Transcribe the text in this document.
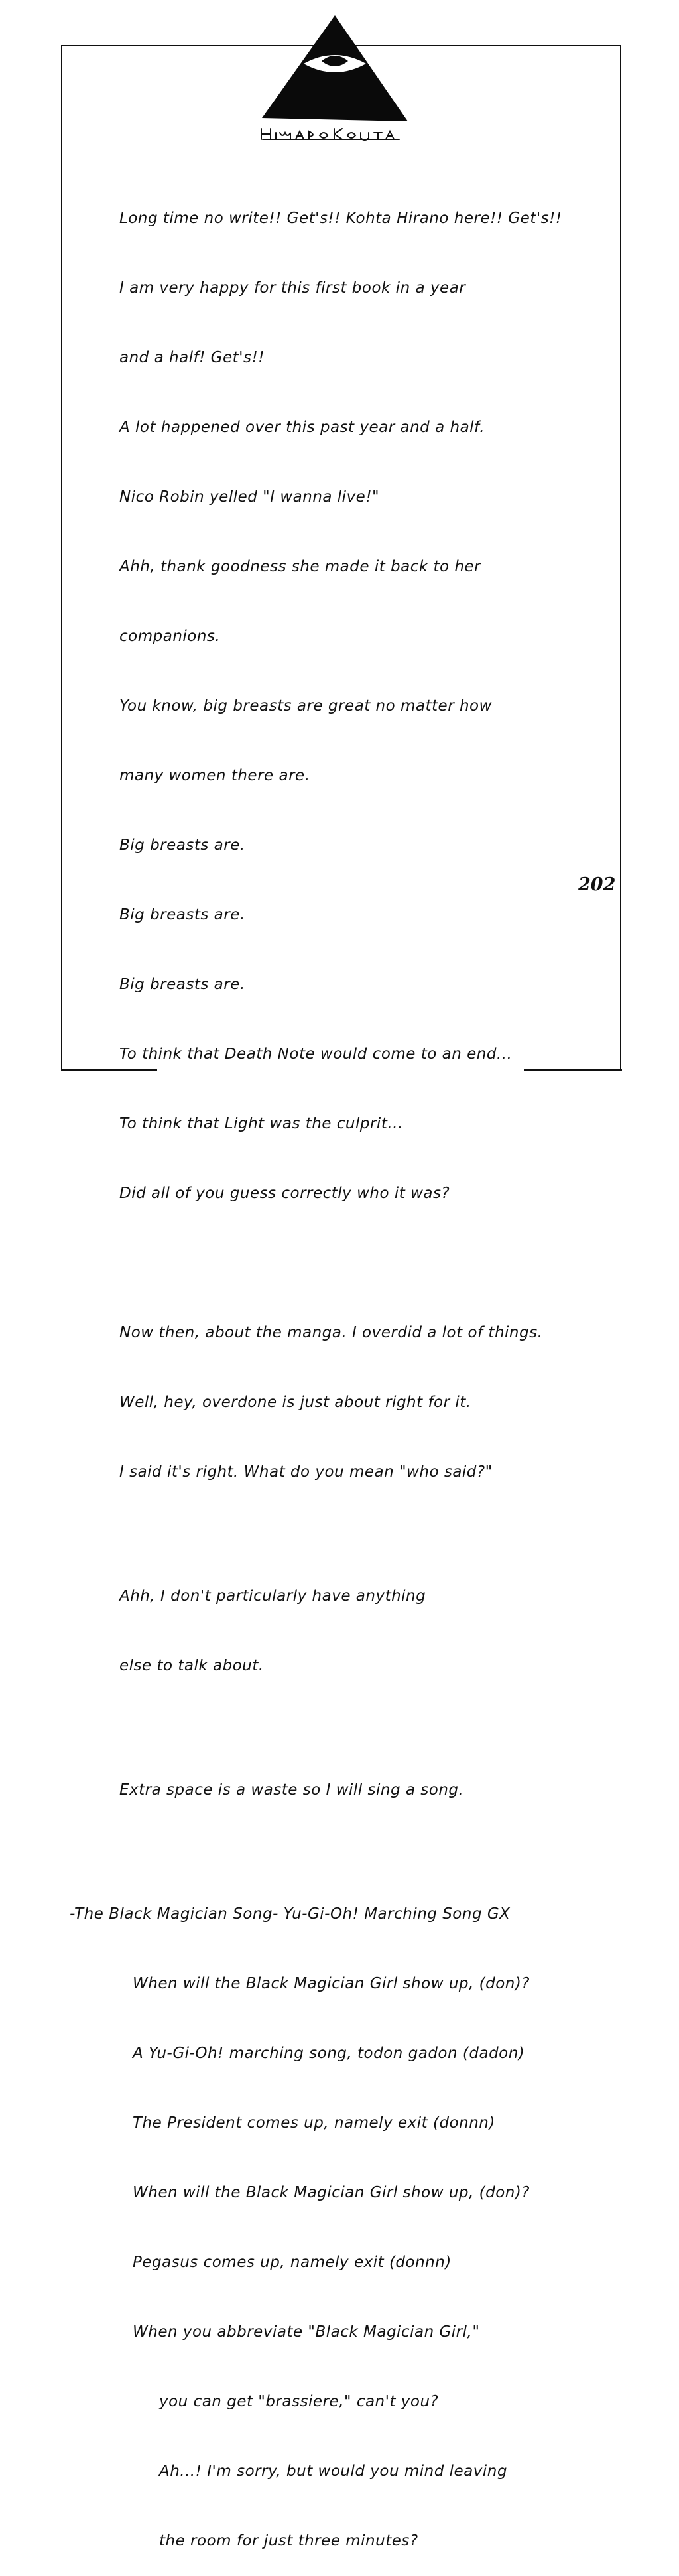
Long time no write!! Get's!! Kohta Hirano here!! Get's!!

I am very happy for this first book in a year

and a half! Get's!!

A lot happened over this past year and a half.

Nico Robin yelled "I wanna live!"

Ahh, thank goodness she made it back to her

companions.

You know, big breasts are great no matter how

many women there are.

Big breasts are.

Big breasts are.

Big breasts are.

To think that Death Note would come to an end...

To think that Light was the culprit...

Did all of you guess correctly who it was?

Now then, about the manga. I overdid a lot of things.

Well, hey, overdone is just about right for it.

I said it's right. What do you mean "who said?"

Ahh, I don't particularly have anything

else to talk about.

Extra space is a waste so I will sing a song.

-The Black Magician Song- Yu-Gi-Oh! Marching Song GX

When will the Black Magician Girl show up, (don)?

A Yu-Gi-Oh! marching song, todon gadon (dadon)

The President comes up, namely exit (donnn)

When will the Black Magician Girl show up, (don)?

Pegasus comes up, namely exit (donnn)

When you abbreviate "Black Magician Girl,"

you can get "brassiere," can't you?

Ah...! I'm sorry, but would you mind leaving

the room for just three minutes?

202
